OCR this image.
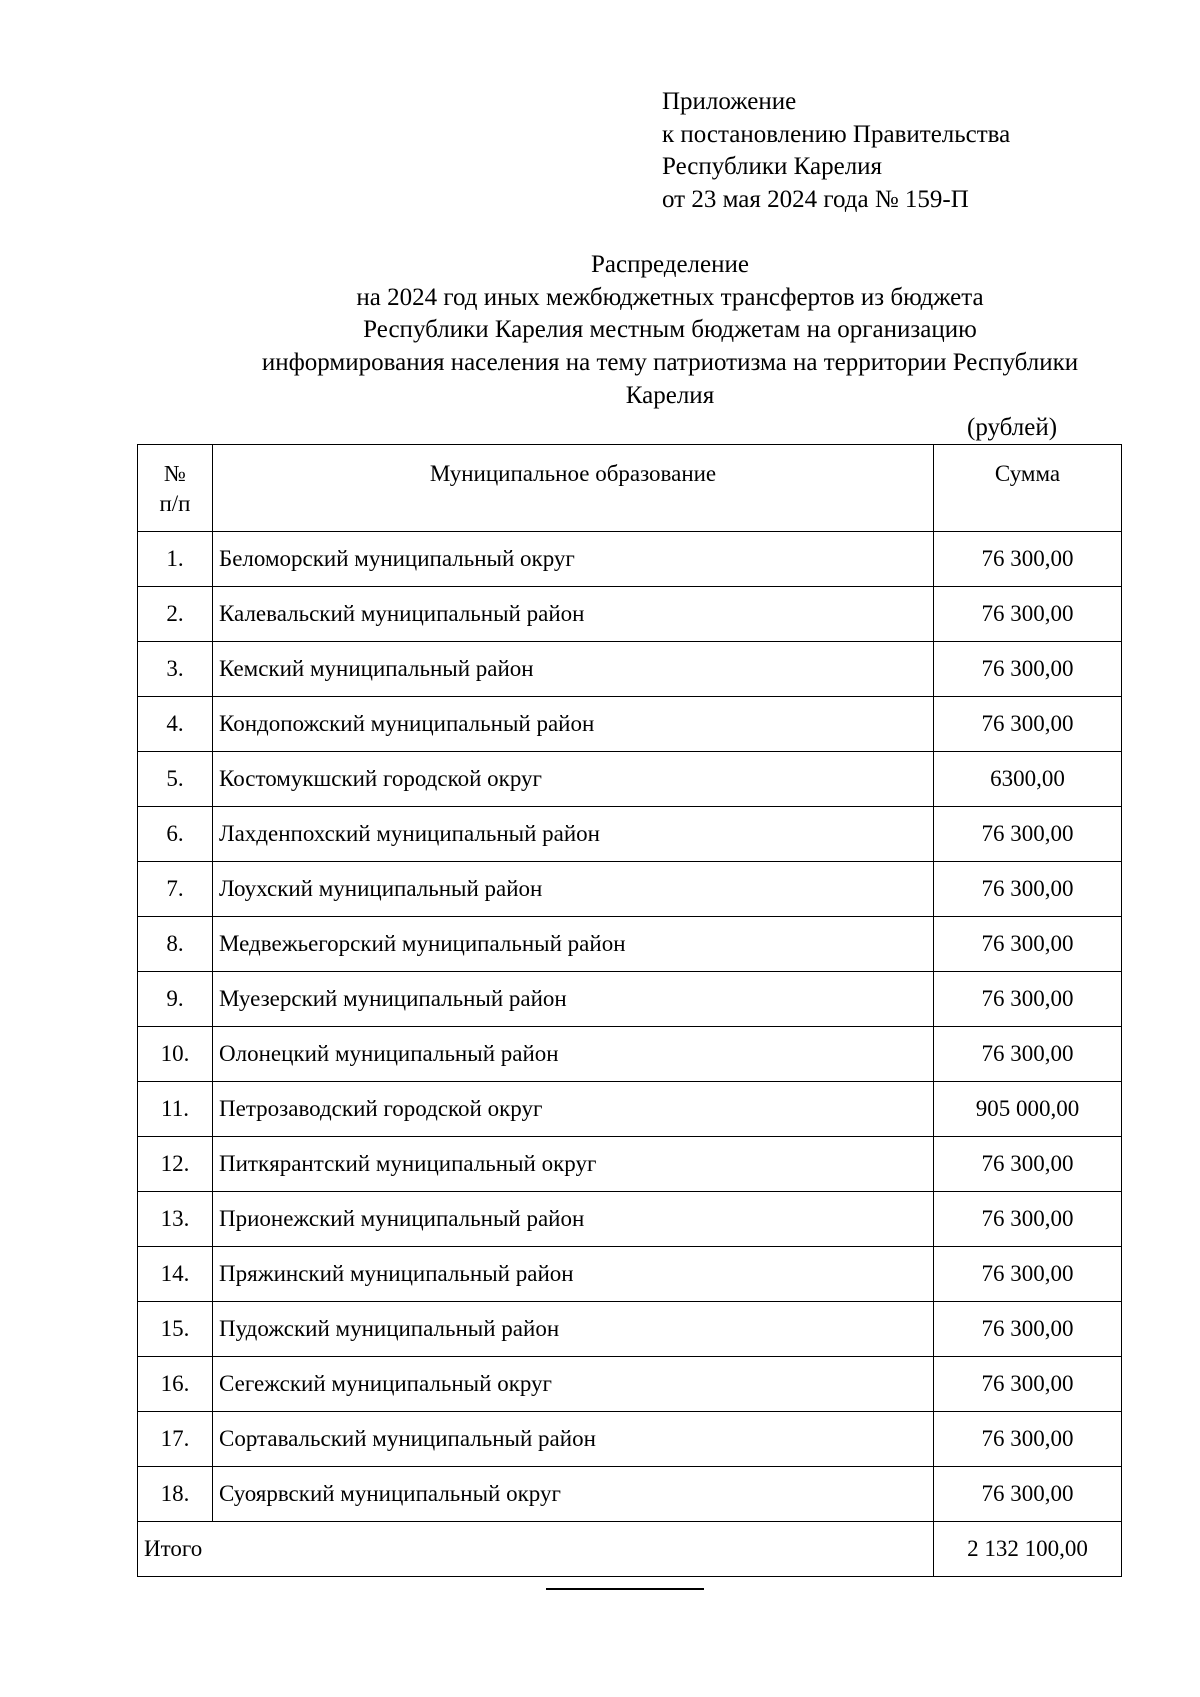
Приложение
к постановлению Правительства
Республики Карелия
от 23 мая 2024 года № 159-П
Распределение
на 2024 год иных межбюджетных трансфертов из бюджета
Республики Карелия местным бюджетам на организацию
информирования населения на тему патриотизма на территории Республики
Карелия
(рублей)
№ п/п	Муниципальное образование	Сумма
1.	Беломорский муниципальный округ	76 300,00
2.	Калевальский муниципальный район	76 300,00
3.	Кемский муниципальный район	76 300,00
4.	Кондопожский муниципальный район	76 300,00
5.	Костомукшский городской округ	6300,00
6.	Лахденпохский муниципальный район	76 300,00
7.	Лоухский муниципальный район	76 300,00
8.	Медвежьегорский муниципальный район	76 300,00
9.	Муезерский муниципальный район	76 300,00
10.	Олонецкий муниципальный район	76 300,00
11.	Петрозаводский городской округ	905 000,00
12.	Питкярантский муниципальный округ	76 300,00
13.	Прионежский муниципальный район	76 300,00
14.	Пряжинский муниципальный район	76 300,00
15.	Пудожский муниципальный район	76 300,00
16.	Сегежский муниципальный округ	76 300,00
17.	Сортавальский муниципальный район	76 300,00
18.	Суоярвский муниципальный округ	76 300,00
Итого		2 132 100,00
